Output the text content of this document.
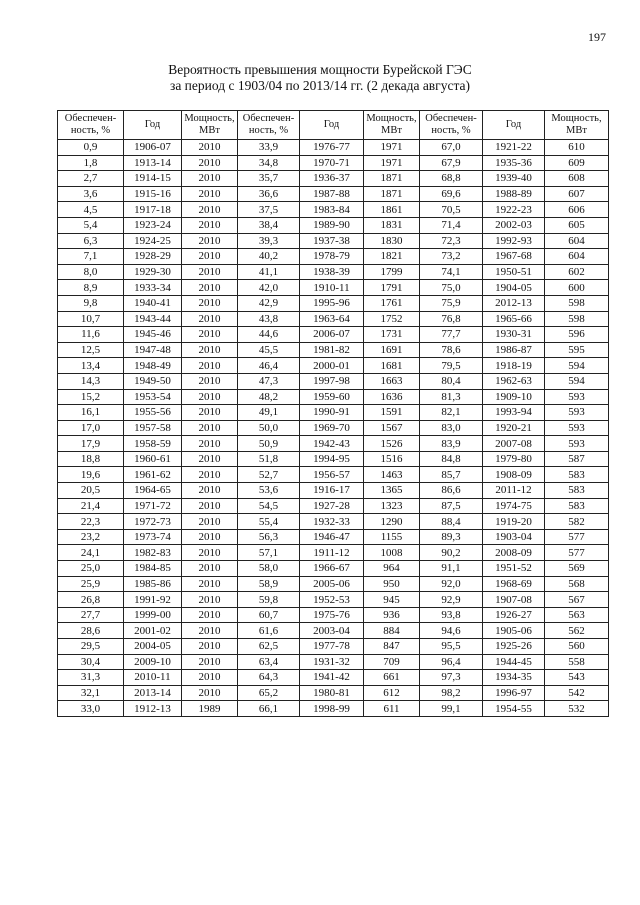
197
Вероятность превышения мощности Бурейской ГЭС
за период с 1903/04 по 2013/14 гг. (2 декада августа)
Обеспечен-ность, %	Год	Мощность, МВт	Обеспечен-ность, %	Год	Мощность, МВт	Обеспечен-ность, %	Год	Мощность, МВт
0,9	1906-07	2010	33,9	1976-77	1971	67,0	1921-22	610
1,8	1913-14	2010	34,8	1970-71	1971	67,9	1935-36	609
2,7	1914-15	2010	35,7	1936-37	1871	68,8	1939-40	608
3,6	1915-16	2010	36,6	1987-88	1871	69,6	1988-89	607
4,5	1917-18	2010	37,5	1983-84	1861	70,5	1922-23	606
5,4	1923-24	2010	38,4	1989-90	1831	71,4	2002-03	605
6,3	1924-25	2010	39,3	1937-38	1830	72,3	1992-93	604
7,1	1928-29	2010	40,2	1978-79	1821	73,2	1967-68	604
8,0	1929-30	2010	41,1	1938-39	1799	74,1	1950-51	602
8,9	1933-34	2010	42,0	1910-11	1791	75,0	1904-05	600
9,8	1940-41	2010	42,9	1995-96	1761	75,9	2012-13	598
10,7	1943-44	2010	43,8	1963-64	1752	76,8	1965-66	598
11,6	1945-46	2010	44,6	2006-07	1731	77,7	1930-31	596
12,5	1947-48	2010	45,5	1981-82	1691	78,6	1986-87	595
13,4	1948-49	2010	46,4	2000-01	1681	79,5	1918-19	594
14,3	1949-50	2010	47,3	1997-98	1663	80,4	1962-63	594
15,2	1953-54	2010	48,2	1959-60	1636	81,3	1909-10	593
16,1	1955-56	2010	49,1	1990-91	1591	82,1	1993-94	593
17,0	1957-58	2010	50,0	1969-70	1567	83,0	1920-21	593
17,9	1958-59	2010	50,9	1942-43	1526	83,9	2007-08	593
18,8	1960-61	2010	51,8	1994-95	1516	84,8	1979-80	587
19,6	1961-62	2010	52,7	1956-57	1463	85,7	1908-09	583
20,5	1964-65	2010	53,6	1916-17	1365	86,6	2011-12	583
21,4	1971-72	2010	54,5	1927-28	1323	87,5	1974-75	583
22,3	1972-73	2010	55,4	1932-33	1290	88,4	1919-20	582
23,2	1973-74	2010	56,3	1946-47	1155	89,3	1903-04	577
24,1	1982-83	2010	57,1	1911-12	1008	90,2	2008-09	577
25,0	1984-85	2010	58,0	1966-67	964	91,1	1951-52	569
25,9	1985-86	2010	58,9	2005-06	950	92,0	1968-69	568
26,8	1991-92	2010	59,8	1952-53	945	92,9	1907-08	567
27,7	1999-00	2010	60,7	1975-76	936	93,8	1926-27	563
28,6	2001-02	2010	61,6	2003-04	884	94,6	1905-06	562
29,5	2004-05	2010	62,5	1977-78	847	95,5	1925-26	560
30,4	2009-10	2010	63,4	1931-32	709	96,4	1944-45	558
31,3	2010-11	2010	64,3	1941-42	661	97,3	1934-35	543
32,1	2013-14	2010	65,2	1980-81	612	98,2	1996-97	542
33,0	1912-13	1989	66,1	1998-99	611	99,1	1954-55	532
